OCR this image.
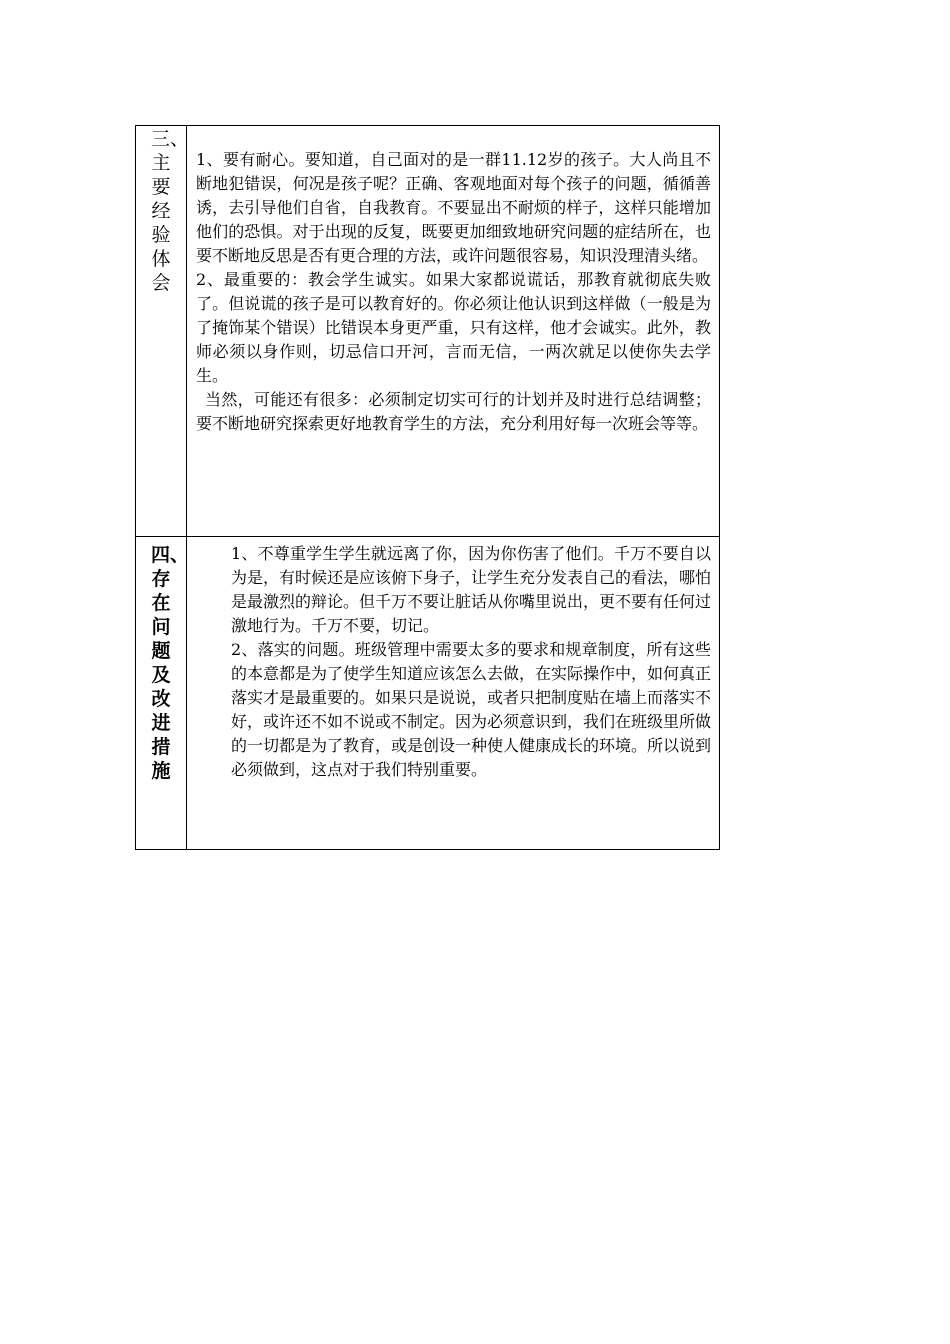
三、主要经验体会	1、要有耐心。要知道，自己面对的是一群11.12岁的孩子。大人尚且不断地犯错误，何况是孩子呢？正确、客观地面对每个孩子的问题，循循善诱，去引导他们自省，自我教育。不要显出不耐烦的样子，这样只能增加他们的恐惧。对于出现的反复，既要更加细致地研究问题的症结所在，也要不断地反思是否有更合理的方法，或许问题很容易，知识没理清头绪。

2、最重要的：教会学生诚实。如果大家都说谎话，那教育就彻底失败了。但说谎的孩子是可以教育好的。你必须让他认识到这样做（一般是为了掩饰某个错误）比错误本身更严重，只有这样，他才会诚实。此外，教师必须以身作则，切忌信口开河，言而无信，一两次就足以使你失去学生。

当然，可能还有很多：必须制定切实可行的计划并及时进行总结调整；要不断地研究探索更好地教育学生的方法，充分利用好每一次班会等等。

四、存在问题及改进措施	1、不尊重学生学生就远离了你，因为你伤害了他们。千万不要自以为是，有时候还是应该俯下身子，让学生充分发表自己的看法，哪怕是最激烈的辩论。但千万不要让脏话从你嘴里说出，更不要有任何过激地行为。千万不要，切记。

2、落实的问题。班级管理中需要太多的要求和规章制度，所有这些的本意都是为了使学生知道应该怎么去做，在实际操作中，如何真正落实才是最重要的。如果只是说说，或者只把制度贴在墙上而落实不好，或许还不如不说或不制定。因为必须意识到，我们在班级里所做的一切都是为了教育，或是创设一种使人健康成长的环境。所以说到必须做到，这点对于我们特别重要。
